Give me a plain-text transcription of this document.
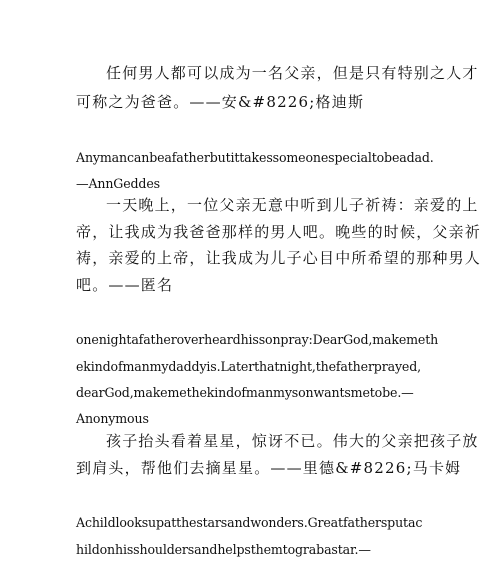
任何男人都可以成为一名父亲，但是只有特别之人才
可称之为爸爸。——安&#8226;格迪斯
Anymancanbeafatherbutittakessomeonespecialtobeadad.
—AnnGeddes
一天晚上，一位父亲无意中听到儿子祈祷：亲爱的上
帝，让我成为我爸爸那样的男人吧。晚些的时候，父亲祈
祷，亲爱的上帝，让我成为儿子心目中所希望的那种男人
吧。——匿名
onenightafatheroverheardhissonpray:DearGod,makemeth
ekindofmanmydaddyis.Laterthatnight,thefatherprayed,
dearGod,makemethekindofmanmysonwantsmetobe.—
Anonymous
孩子抬头看着星星，惊讶不已。伟大的父亲把孩子放
到肩头，帮他们去摘星星。——里德&#8226;马卡姆
Achildlooksupatthestarsandwonders.Greatfathersputac
hildonhisshouldersandhelpsthemtograbastar.—
